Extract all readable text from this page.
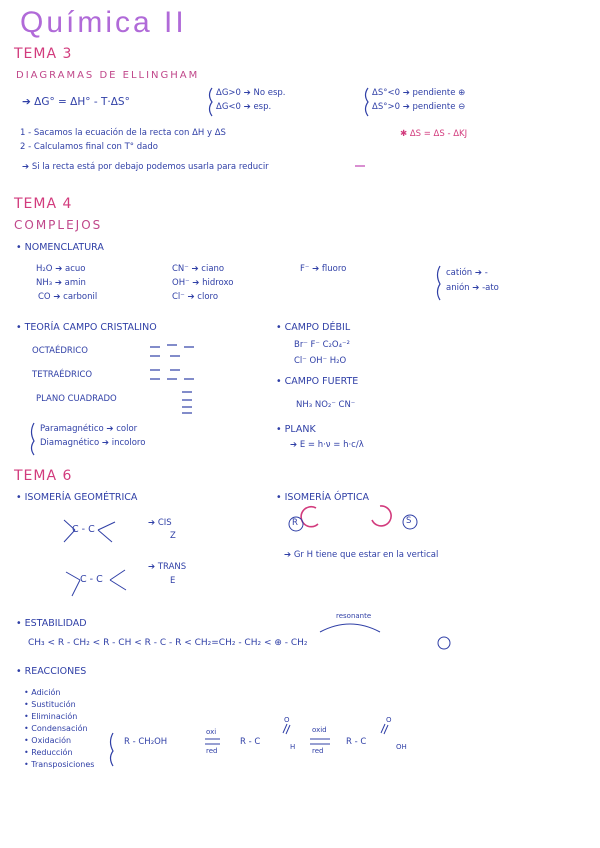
Química II
TEMA 3
DIAGRAMAS DE ELLINGHAM
➔ ΔG° = ΔH° - T·ΔS°
ΔG>0 ➔ No esp.
ΔG<0 ➔ esp.
ΔS°<0 ➔ pendiente ⊕
ΔS°>0 ➔ pendiente ⊖
1 - Sacamos la ecuación de la recta con ΔH y ΔS
2 - Calculamos final con T° dado
✱ ΔS = ΔS - ΔKJ
➔ Si la recta está por debajo podemos usarla para reducir
TEMA 4
COMPLEJOS
• NOMENCLATURA
H₂O ➔ acuo
NH₃ ➔ amin
CO ➔ carbonil
CN⁻ ➔ ciano
OH⁻ ➔ hidroxo
Cl⁻ ➔ cloro
F⁻ ➔ fluoro	catión ➔ -
anión ➔ -ato
• TEORÍA CAMPO CRISTALINO
OCTAÉDRICO
TETRAÉDRICO
PLANO CUADRADO
Paramagnético ➔ color
Diamagnético ➔ incoloro
• CAMPO DÉBIL
Br⁻ F⁻ C₂O₄⁻²
Cl⁻ OH⁻ H₂O
• CAMPO FUERTE
NH₃ NO₂⁻ CN⁻
• PLANK
➔ E = h·ν = h·c/λ
TEMA 6
• ISOMERÍA GEOMÉTRICA
C - C
➔ CIS
Z
C - C
➔ TRANS
E
• ISOMERÍA ÓPTICA
R	S
➔ Gr H tiene que estar en la vertical
• ESTABILIDAD
resonante
CH₃ < R - CH₂ < R - CH < R - C - R < CH₂=CH₂ - CH₂ < ⊕ - CH₂
• REACCIONES
• Adición
• Sustitución
• Eliminación
• Condensación
• Oxidación
• Reducción
• Transposiciones
R - CH₂OH
oxi
red
R - C	H
O
oxid
red
R - C
O
OH
